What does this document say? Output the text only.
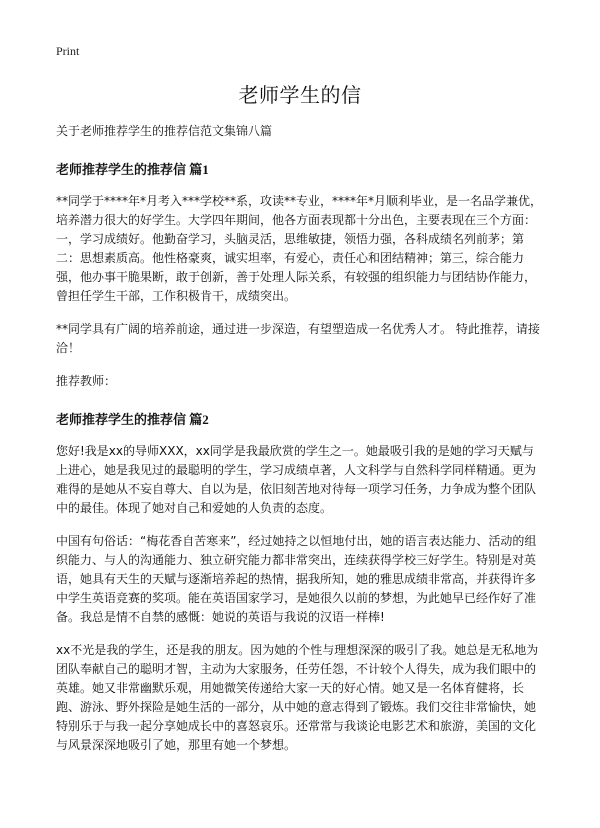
Print
老师学生的信
关于老师推荐学生的推荐信范文集锦八篇
老师推荐学生的推荐信 篇1

**同学于****年*月考入***学校**系，攻读**专业，****年*月顺利毕业，是一名品学兼优，培养潜力很大的好学生。大学四年期间，他各方面表现都十分出色，主要表现在三个方面：一，学习成绩好。他勤奋学习，头脑灵活，思维敏捷，领悟力强，各科成绩名列前茅；第二：思想素质高。他性格豪爽，诚实坦率，有爱心，责任心和团结精神；第三，综合能力强，他办事干脆果断，敢于创新，善于处理人际关系，有较强的组织能力与团结协作能力，曾担任学生干部，工作积极肯干，成绩突出。

**同学具有广阔的培养前途，通过进一步深造，有望塑造成一名优秀人才。 特此推荐，请接洽！

推荐教师：

老师推荐学生的推荐信 篇2

您好!我是xx的导师XXX，xx同学是我最欣赏的学生之一。她最吸引我的是她的学习天赋与上进心，她是我见过的最聪明的学生，学习成绩卓著，人文科学与自然科学同样精通。更为难得的是她从不妄自尊大、自以为是，依旧刻苦地对待每一项学习任务，力争成为整个团队中的最佳。体现了她对自己和爱她的人负责的态度。

中国有句俗话：“梅花香自苦寒来”，经过她持之以恒地付出，她的语言表达能力、活动的组织能力、与人的沟通能力、独立研究能力都非常突出，连续获得学校三好学生。特别是对英语，她具有天生的天赋与逐渐培养起的热情，据我所知，她的雅思成绩非常高，并获得许多中学生英语竞赛的奖项。能在英语国家学习，是她很久以前的梦想，为此她早已经作好了准备。我总是情不自禁的感慨：她说的英语与我说的汉语一样棒!

xx不光是我的学生，还是我的朋友。因为她的个性与理想深深的吸引了我。她总是无私地为团队奉献自己的聪明才智，主动为大家服务，任劳任怨，不计较个人得失，成为我们眼中的英雄。她又非常幽默乐观，用她微笑传递给大家一天的好心情。她又是一名体育健将，长跑、游泳、野外探险是她生活的一部分，从中她的意志得到了锻炼。我们交往非常愉快，她特别乐于与我一起分享她成长中的喜怒哀乐。还常常与我谈论电影艺术和旅游，美国的文化与风景深深地吸引了她，那里有她一个梦想。
